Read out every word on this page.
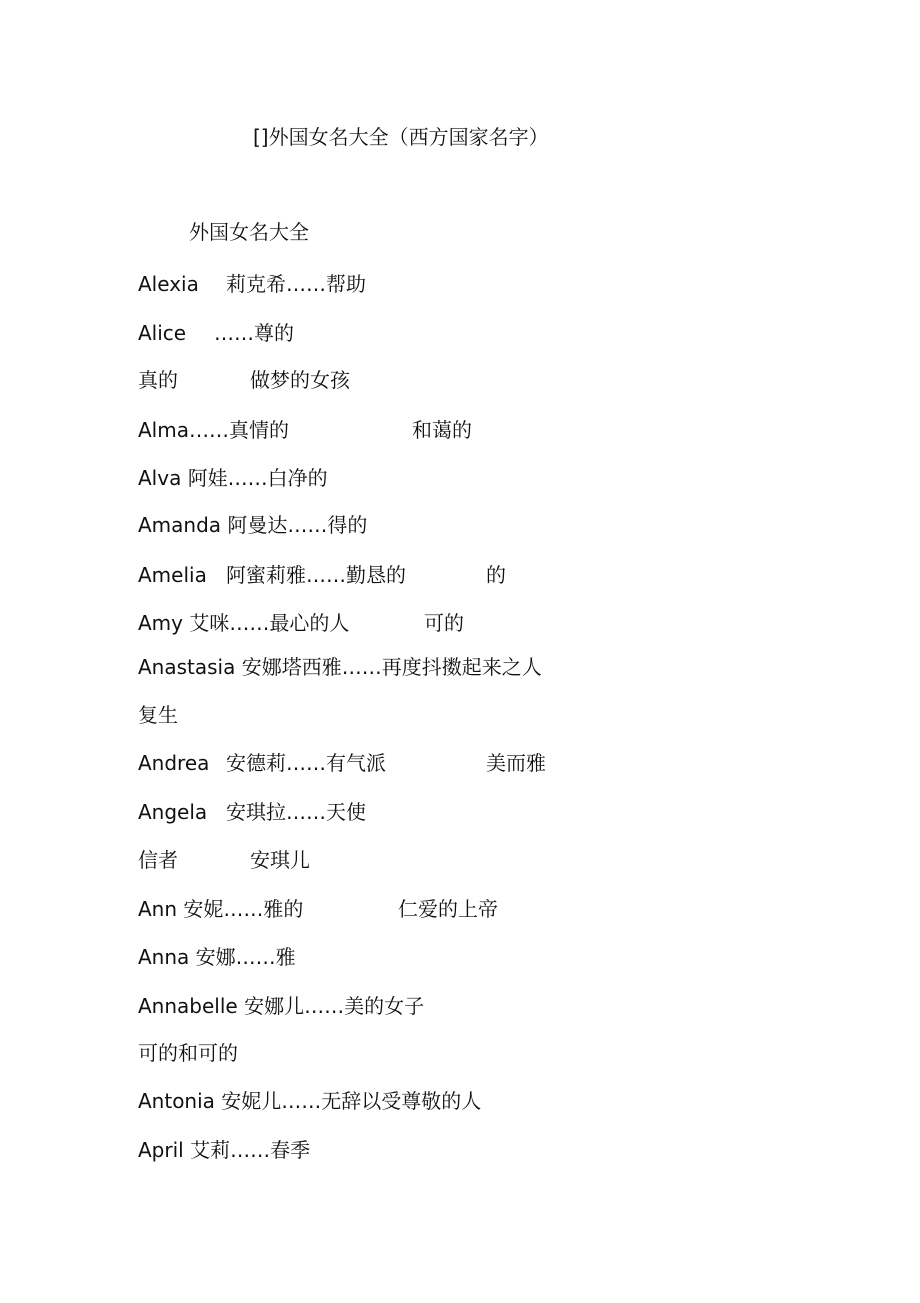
[]外国女名大全（西方国家名字）
外国女名大全
Alexia 莉克希……帮助
Alice ……尊的
真的	做梦的女孩
Alma……真情的	和蔼的
Alva 阿娃……白净的
Amanda 阿曼达……得的
Amelia 阿蜜莉雅……勤恳的	的
Amy 艾咪……最心的人	可的
Anastasia 安娜塔西雅……再度抖擞起来之人
复生
Andrea 安德莉……有气派	美而雅
Angela 安琪拉……天使
信者	安琪儿
Ann 安妮……雅的	仁爱的上帝
Anna 安娜……雅
Annabelle 安娜儿……美的女子
可的和可的
Antonia 安妮儿……无辞以受尊敬的人
April 艾莉……春季
